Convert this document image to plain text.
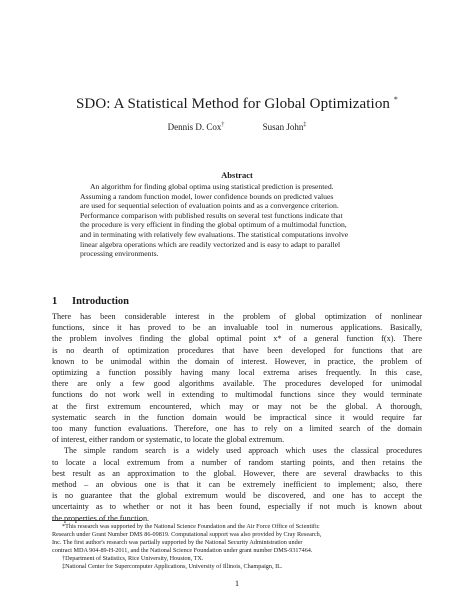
SDO: A Statistical Method for Global Optimization *
Dennis D. Cox†	Susan John‡
Abstract
An algorithm for finding global optima using statistical prediction is presented.
Assuming a random function model, lower confidence bounds on predicted values
are used for sequential selection of evaluation points and as a convergence criterion.
Performance comparison with published results on several test functions indicate that
the procedure is very efficient in finding the global optimum of a multimodal function,
and in terminating with relatively few evaluations. The statistical computations involve
linear algebra operations which are readily vectorized and is easy to adapt to parallel
processing environments.
1 Introduction
There has been considerable interest in the problem of global optimization of nonlinear
functions, since it has proved to be an invaluable tool in numerous applications. Basically,
the problem involves finding the global optimal point x* of a general function f(x). There
is no dearth of optimization procedures that have been developed for functions that are
known to be unimodal within the domain of interest. However, in practice, the problem of
optimizing a function possibly having many local extrema arises frequently. In this case,
there are only a few good algorithms available. The procedures developed for unimodal
functions do not work well in extending to multimodal functions since they would terminate
at the first extremum encountered, which may or may not be the global. A thorough,
systematic search in the function domain would be impractical since it would require far
too many function evaluations. Therefore, one has to rely on a limited search of the domain
of interest, either random or systematic, to locate the global extremum.
The simple random search is a widely used approach which uses the classical procedures
to locate a local extremum from a number of random starting points, and then retains the
best result as an approximation to the global. However, there are several drawbacks to this
method – an obvious one is that it can be extremely inefficient to implement; also, there
is no guarantee that the global extremum would be discovered, and one has to accept the
uncertainty as to whether or not it has been found, especially if not much is known about
the properties of the function.
*This research was supported by the National Science Foundation and the Air Force Office of Scientific
Research under Grant Number DMS 86-09819. Computational support was also provided by Cray Research,
Inc. The first author's research was partially supported by the National Security Administration under
contract MDA 904-89-H-2011, and the National Science Foundation under grant number DMS-9317464.
†Department of Statistics, Rice University, Houston, TX.
‡National Center for Supercomputer Applications, University of Illinois, Champaign, IL.
1
